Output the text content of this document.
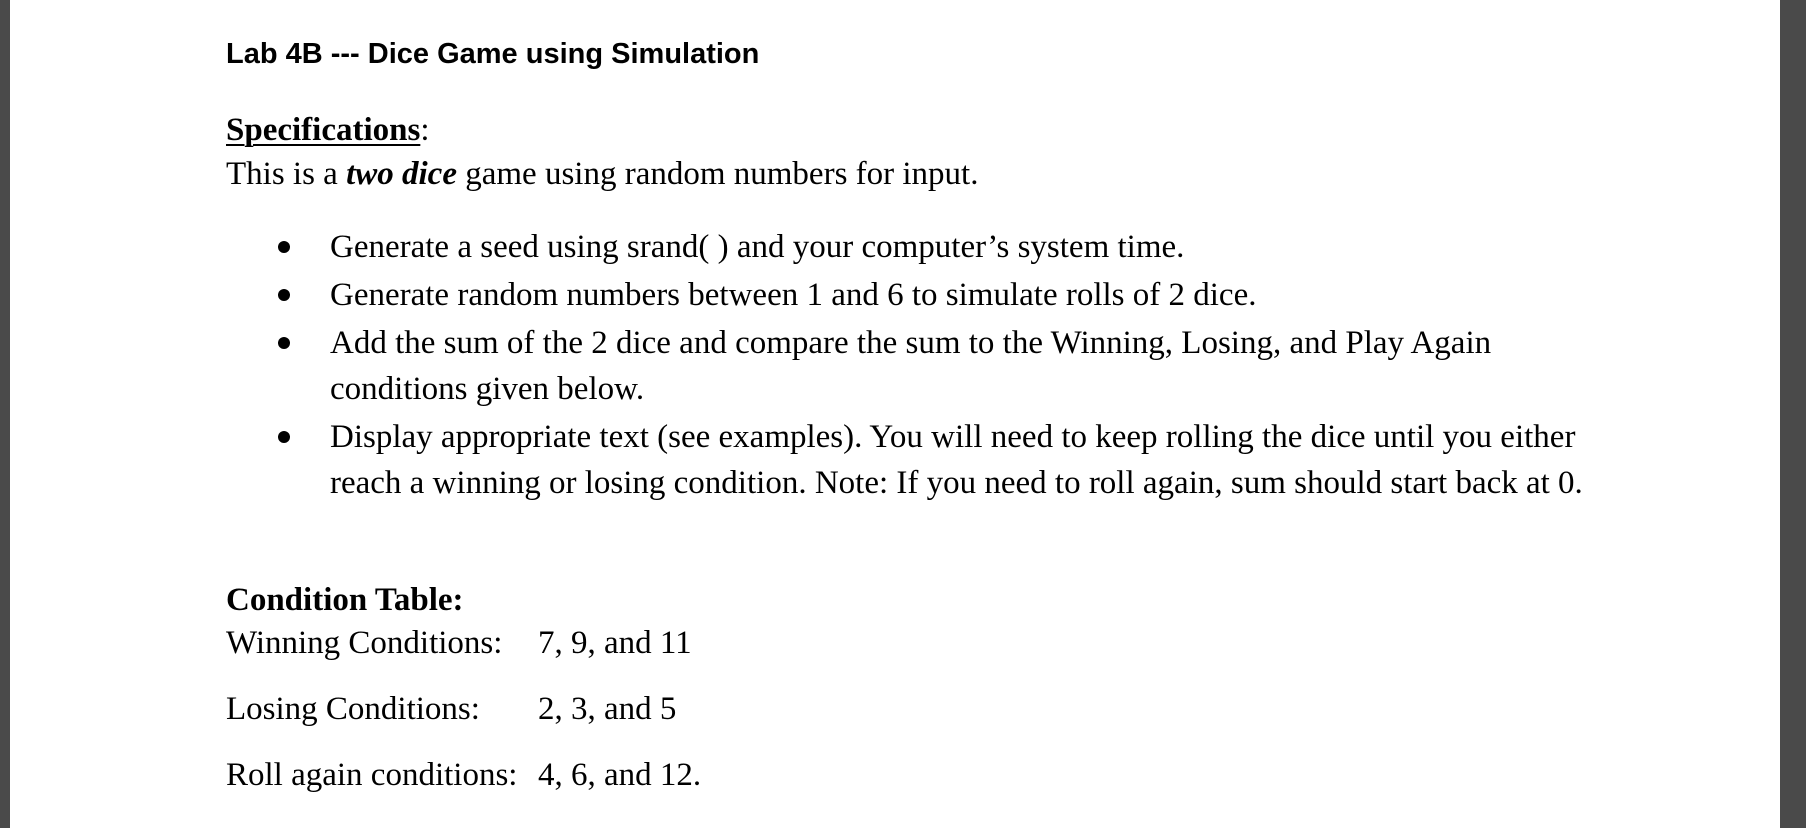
Lab 4B --- Dice Game using Simulation
Specifications:
This is a two dice game using random numbers for input.
Generate a seed using srand( ) and your computer’s system time.
Generate random numbers between 1 and 6 to simulate rolls of 2 dice.
Add the sum of the 2 dice and compare the sum to the Winning, Losing, and Play Again conditions given below.
Display appropriate text (see examples). You will need to keep rolling the dice until you either reach a winning or losing condition. Note: If you need to roll again, sum should start back at 0.
Condition Table:
Winning Conditions: 7, 9, and 11
Losing Conditions: 2, 3, and 5
Roll again conditions: 4, 6, and 12.
